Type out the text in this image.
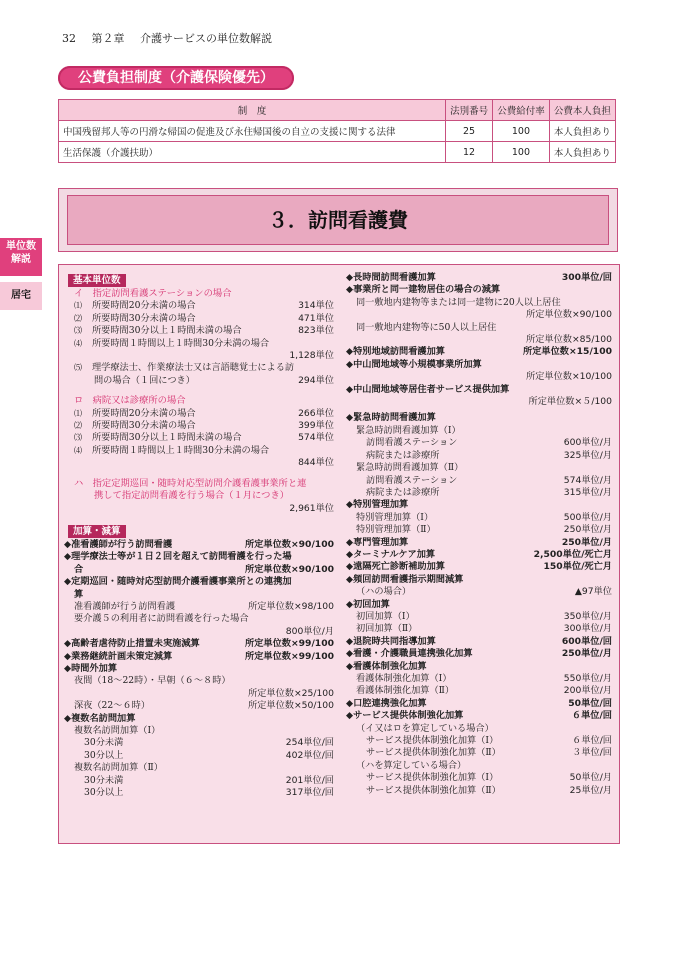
32 第２章 介護サービスの単位数解説
公費負担制度（介護保険優先）
制　度	法別番号	公費給付率	公費本人負担
中国残留邦人等の円滑な帰国の促進及び永住帰国後の自立の支援に関する法律	25	100	本人負担あり
生活保護（介護扶助）	12	100	本人負担あり
３．訪問看護費
単位数
解説
居宅
基本単位数
イ　指定訪問看護ステーションの場合
⑴ 所要時間20分未満の場合	314単位
⑵ 所要時間30分未満の場合	471単位
⑶ 所要時間30分以上１時間未満の場合	823単位
⑷ 所要時間１時間以上１時間30分未満の場合
1,128単位
⑸ 理学療法士、作業療法士又は言語聴覚士による訪
問の場合（１回につき）	294単位
ロ　病院又は診療所の場合
⑴ 所要時間20分未満の場合	266単位
⑵ 所要時間30分未満の場合	399単位
⑶ 所要時間30分以上１時間未満の場合	574単位
⑷ 所要時間１時間以上１時間30分未満の場合
844単位
ハ　指定定期巡回・随時対応型訪問介護看護事業所と連
携して指定訪問看護を行う場合（１月につき）
2,961単位
加算・減算
◆准看護師が行う訪問看護	所定単位数×90/100
◆理学療法士等が１日２回を超えて訪問看護を行った場
合	所定単位数×90/100
◆定期巡回・随時対応型訪問介護看護事業所との連携加
算
准看護師が行う訪問看護	所定単位数×98/100
要介護５の利用者に訪問看護を行った場合
800単位/月
◆高齢者虐待防止措置未実施減算	所定単位数×99/100
◆業務継続計画未策定減算	所定単位数×99/100
◆時間外加算
夜間（18〜22時）・早朝（６〜８時）
所定単位数×25/100
深夜（22〜６時）	所定単位数×50/100
◆複数名訪問加算
複数名訪問加算（Ⅰ）
30分未満	254単位/回
30分以上	402単位/回
複数名訪問加算（Ⅱ）
30分未満	201単位/回
30分以上	317単位/回
◆長時間訪問看護加算	300単位/回
◆事業所と同一建物居住の場合の減算
同一敷地内建物等または同一建物に20人以上居住
所定単位数×90/100
同一敷地内建物等に50人以上居住
所定単位数×85/100
◆特別地域訪問看護加算	所定単位数×15/100
◆中山間地域等小規模事業所加算
所定単位数×10/100
◆中山間地域等居住者サービス提供加算
所定単位数×５/100
◆緊急時訪問看護加算
緊急時訪問看護加算（Ⅰ）
訪問看護ステーション	600単位/月
病院または診療所	325単位/月
緊急時訪問看護加算（Ⅱ）
訪問看護ステーション	574単位/月
病院または診療所	315単位/月
◆特別管理加算
特別管理加算（Ⅰ）	500単位/月
特別管理加算（Ⅱ）	250単位/月
◆専門管理加算	250単位/月
◆ターミナルケア加算	2,500単位/死亡月
◆遠隔死亡診断補助加算	150単位/死亡月
◆頻回訪問看護指示期間減算
（ハの場合）	▲97単位
◆初回加算
初回加算（Ⅰ）	350単位/月
初回加算（Ⅱ）	300単位/月
◆退院時共同指導加算	600単位/回
◆看護・介護職員連携強化加算	250単位/月
◆看護体制強化加算
看護体制強化加算（Ⅰ）	550単位/月
看護体制強化加算（Ⅱ）	200単位/月
◆口腔連携強化加算	50単位/回
◆サービス提供体制強化加算	６単位/回
（イ又はロを算定している場合）
サービス提供体制強化加算（Ⅰ）	６単位/回
サービス提供体制強化加算（Ⅱ）	３単位/回
（ハを算定している場合）
サービス提供体制強化加算（Ⅰ）	50単位/月
サービス提供体制強化加算（Ⅱ）	25単位/月
